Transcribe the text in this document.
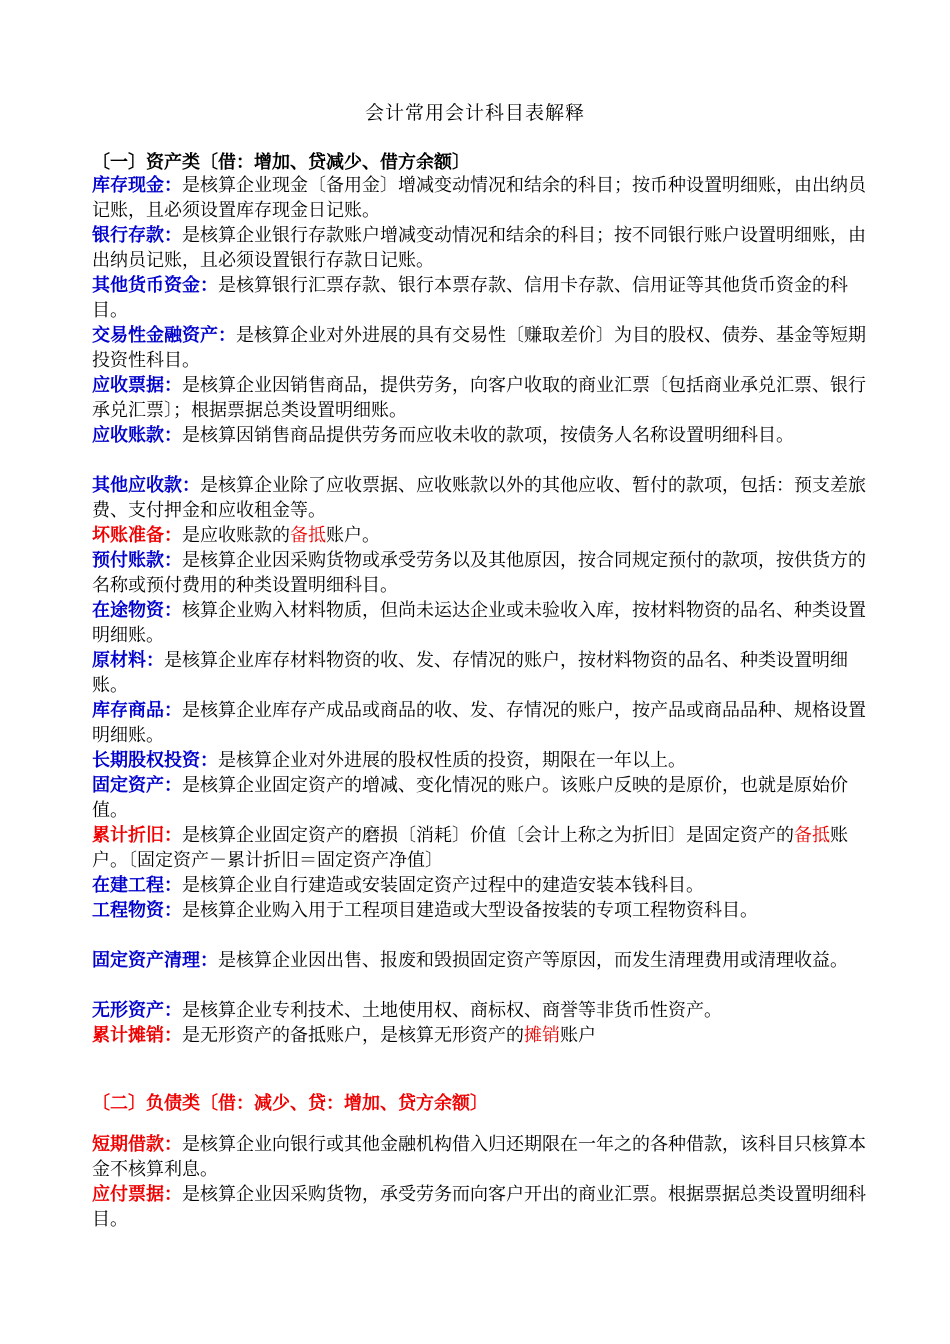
会计常用会计科目表解释
〔一〕资产类〔借：增加、贷减少、借方余额〕
库存现金：是核算企业现金〔备用金〕增减变动情况和结余的科目；按币种设置明细账，由出纳员记账，且必须设置库存现金日记账。
银行存款：是核算企业银行存款账户增减变动情况和结余的科目；按不同银行账户设置明细账，由出纳员记账，且必须设置银行存款日记账。
其他货币资金：是核算银行汇票存款、银行本票存款、信用卡存款、信用证等其他货币资金的科目。
交易性金融资产：是核算企业对外进展的具有交易性〔赚取差价〕为目的股权、债券、基金等短期投资性科目。
应收票据：是核算企业因销售商品，提供劳务，向客户收取的商业汇票〔包括商业承兑汇票、银行承兑汇票〕；根据票据总类设置明细账。
应收账款：是核算因销售商品提供劳务而应收未收的款项，按债务人名称设置明细科目。
其他应收款：是核算企业除了应收票据、应收账款以外的其他应收、暂付的款项，包括：预支差旅费、支付押金和应收租金等。
坏账准备：是应收账款的备抵账户。
预付账款：是核算企业因采购货物或承受劳务以及其他原因，按合同规定预付的款项，按供货方的名称或预付费用的种类设置明细科目。
在途物资：核算企业购入材料物质，但尚未运达企业或未验收入库，按材料物资的品名、种类设置明细账。
原材料：是核算企业库存材料物资的收、发、存情况的账户，按材料物资的品名、种类设置明细账。
库存商品：是核算企业库存产成品或商品的收、发、存情况的账户，按产品或商品品种、规格设置明细账。
长期股权投资：是核算企业对外进展的股权性质的投资，期限在一年以上。
固定资产：是核算企业固定资产的增减、变化情况的账户。该账户反映的是原价，也就是原始价值。
累计折旧：是核算企业固定资产的磨损〔消耗〕价值〔会计上称之为折旧〕是固定资产的备抵账户。〔固定资产－累计折旧＝固定资产净值〕
在建工程：是核算企业自行建造或安装固定资产过程中的建造安装本钱科目。
工程物资：是核算企业购入用于工程项目建造或大型设备按装的专项工程物资科目。
固定资产清理：是核算企业因出售、报废和毁损固定资产等原因，而发生清理费用或清理收益。
无形资产：是核算企业专利技术、土地使用权、商标权、商誉等非货币性资产。
累计摊销：是无形资产的备抵账户，是核算无形资产的摊销账户
〔二〕负债类〔借：减少、贷：增加、贷方余额〕
短期借款：是核算企业向银行或其他金融机构借入归还期限在一年之的各种借款，该科目只核算本金不核算利息。
应付票据：是核算企业因采购货物，承受劳务而向客户开出的商业汇票。根据票据总类设置明细科目。
